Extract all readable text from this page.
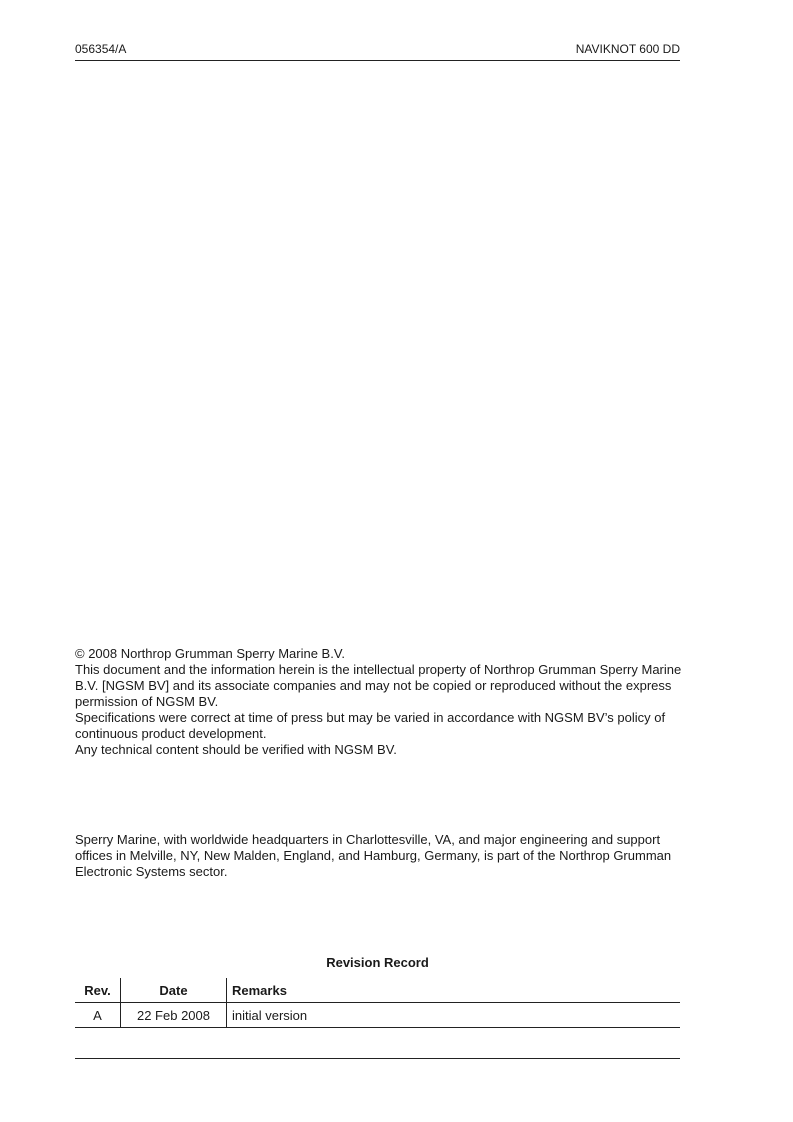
056354/A	NAVIKNOT 600 DD

© 2008 Northrop Grumman Sperry Marine B.V.

This document and the information herein is the intellectual property of Northrop Grumman Sperry Marine B.V. [NGSM BV] and its associate companies and may not be copied or reproduced without the express permission of NGSM BV.

Specifications were correct at time of press but may be varied in accordance with NGSM BV’s policy of continuous product development.

Any technical content should be verified with NGSM BV.

Sperry Marine, with worldwide headquarters in Charlottesville, VA, and major engineering and support offices in Melville, NY, New Malden, England, and Hamburg, Germany, is part of the Northrop Grumman Electronic Systems sector.

Revision Record
Rev.	Date	Remarks
A	22 Feb 2008	initial version
